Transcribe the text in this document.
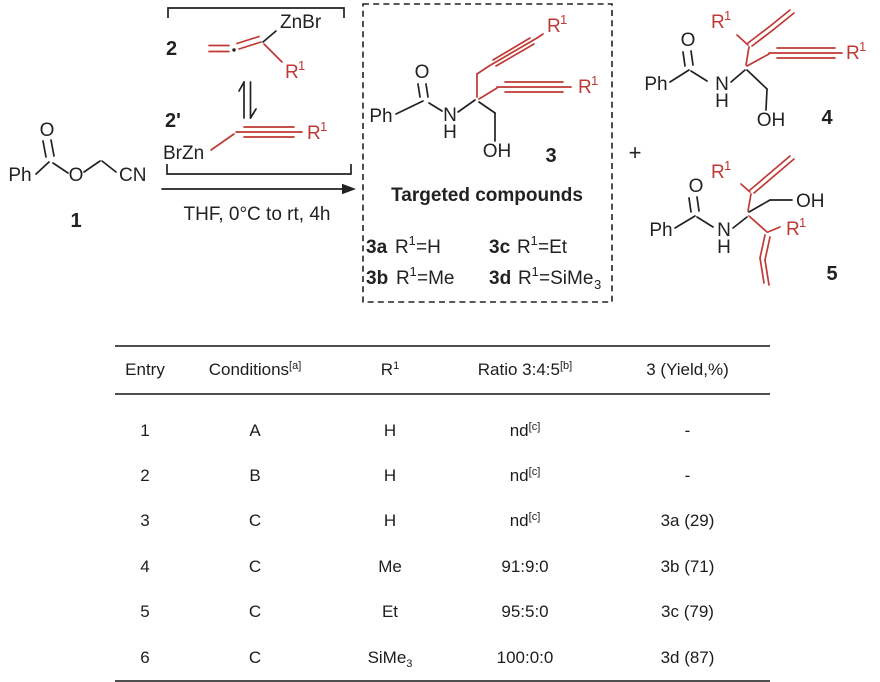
Ph
O
O CN
1
2
ZnBr
R 1
2'
BrZn
R 1
THF, 0°C to rt, 4h
Ph
O
N
H
R 1
R 1
OH 3
Targeted compounds
3a R 1 =H	3c R 1 =Et
3b R 1 =Me 3d R 1 =SiMe 3
+
R 1
O
Ph	N
H
R 1
OH 4
R 1
O
Ph N
H
OH
R 1
5
Entry	Conditions[a]	$R^1$	Ratio 3:4:5[b]	3 (Yield,%)
1	A	H	nd[c]	-
2	B	H	nd[c]	-
3	C	H	nd[c]	3a (29)
4	C	Me	91:9:0	3b (71)
5	C	Et	95:5:0	3c (79)
6	C	SiMe$_3$	100:0:0	3d (87)
